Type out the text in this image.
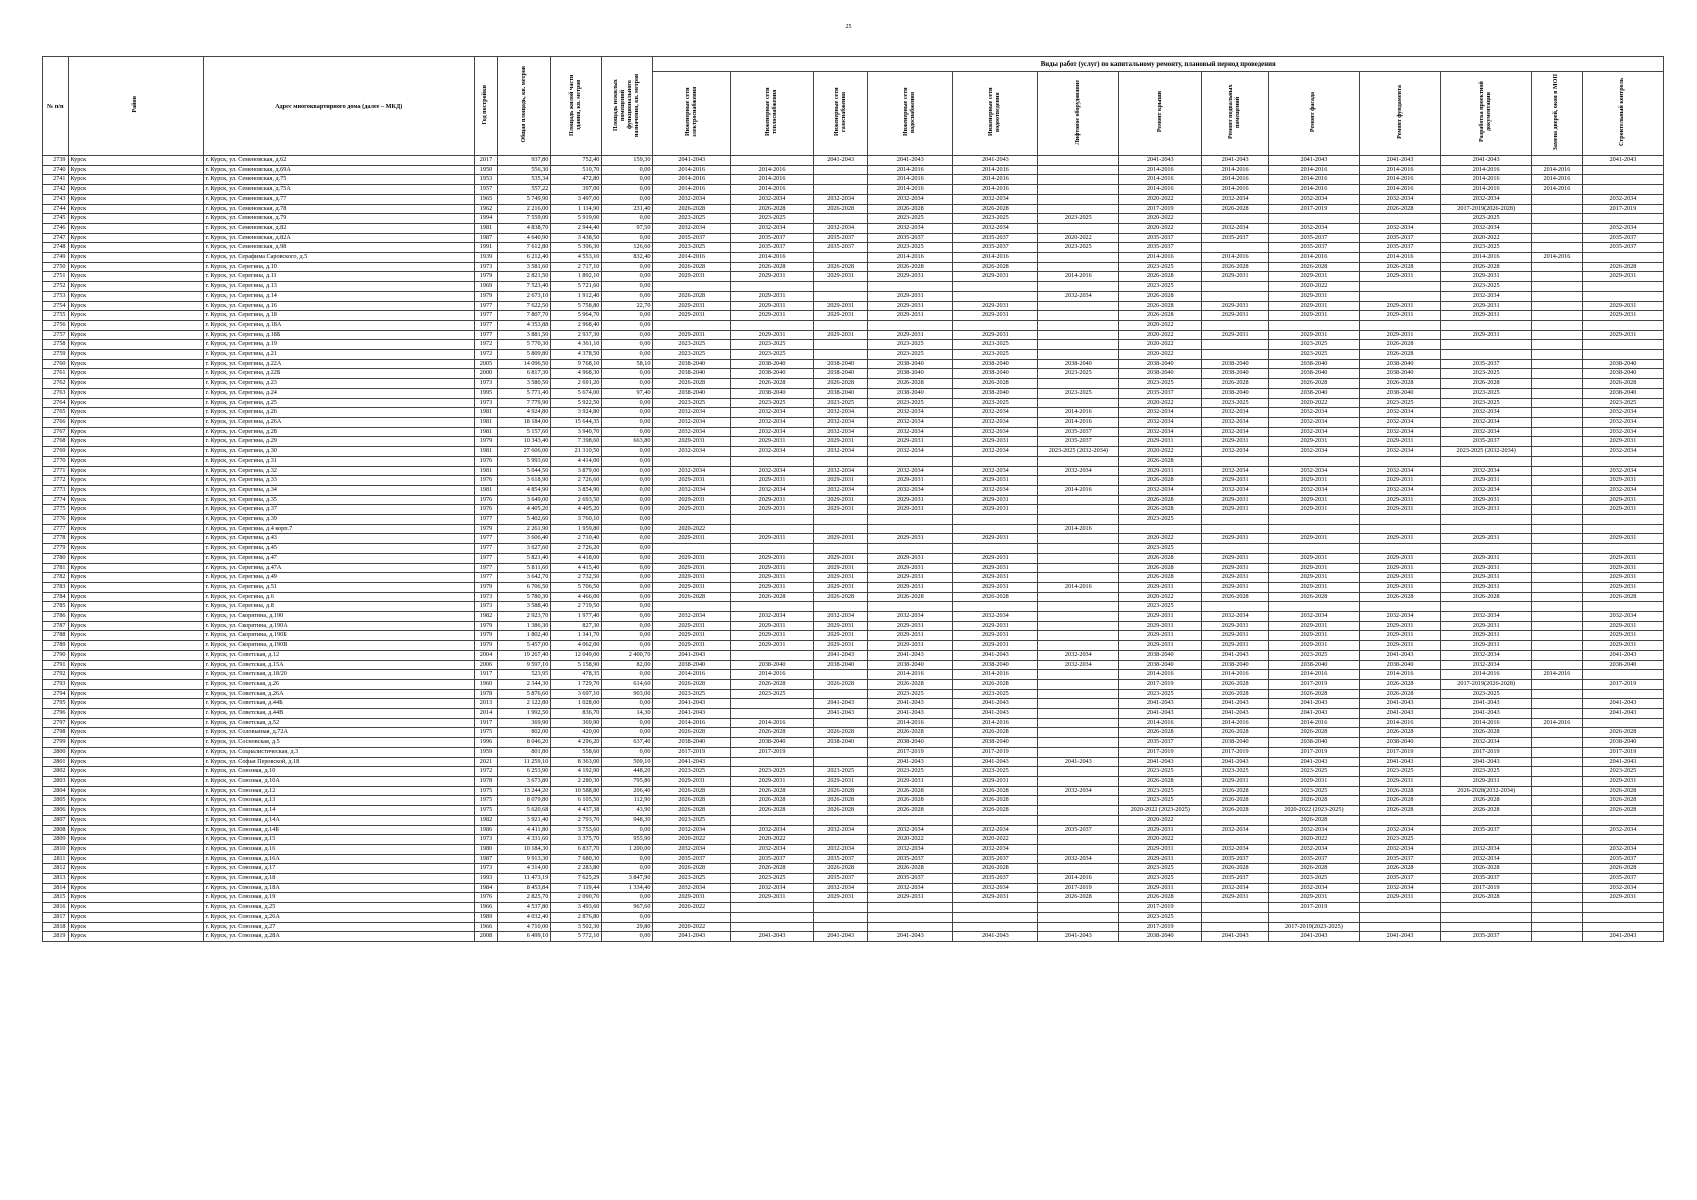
25
№ п/п	Район	Адрес многоквартирного дома (далее – МКД)	Год постройки	Общая площадь, кв. метров	Площадь жилой части здания, кв. метров	Площадь нежилых помещений функционального назначения, кв. метров	Виды работ (услуг) по капитальному ремонту, плановый период проведения												
							Инженерные сети электроснабжения	Инженерные сети теплоснабжения	Инженерные сети газоснабжения	Инженерные сети водоснабжения	Инженерные сети водоотведения	Лифтовое оборудование	Ремонт крыши	Ремонт подвальных помещений	Ремонт фасада	Ремонт фундамента	Разработка проектной документации	Замена дверей, окон в МОП	Строительный контроль
2739	Курск	г. Курск, ул. Семеновская, д.62	2017	937,80	752,40	159,30	2041-2043		2041-2043	2041-2043	2041-2043		2041-2043	2041-2043	2041-2043	2041-2043	2041-2043		2041-2043
2740	Курск	г. Курск, ул. Семеновская, д.69А	1950	556,30	510,70	0,00	2014-2016	2014-2016		2014-2016	2014-2016		2014-2016	2014-2016	2014-2016	2014-2016	2014-2016	2014-2016	
2741	Курск	г. Курск, ул. Семеновская, д.75	1953	535,34	472,80	0,00	2014-2016	2014-2016		2014-2016	2014-2016		2014-2016	2014-2016	2014-2016	2014-2016	2014-2016	2014-2016	
2742	Курск	г. Курск, ул. Семеновская, д.75А	1957	557,22	397,00	0,00	2014-2016	2014-2016		2014-2016	2014-2016		2014-2016	2014-2016	2014-2016	2014-2016	2014-2016	2014-2016	
2743	Курск	г. Курск, ул. Семеновская, д.77	1965	5 749,90	3 497,00	0,00	2032-2034	2032-2034	2032-2034	2032-2034	2032-2034		2020-2022	2032-2034	2032-2034	2032-2034	2032-2034		2032-2034
2744	Курск	г. Курск, ул. Семеновская, д.78	1962	2 216,00	1 114,90	231,40	2026-2028	2026-2028	2026-2028	2026-2028	2026-2028		2017-2019	2026-2028	2017-2019	2026-2028	2017-2019(2026-2028)		2017-2019
2745	Курск	г. Курск, ул. Семеновская, д.79	1994	7 559,00	5 919,00	0,00	2023-2025	2023-2025		2023-2025	2023-2025	2023-2025	2020-2022				2023-2025		
2746	Курск	г. Курск, ул. Семеновская, д.82	1981	4 838,70	2 944,40	97,50	2032-2034	2032-2034	2032-2034	2032-2034	2032-2034		2020-2022	2032-2034	2032-2034	2032-2034	2032-2034		2032-2034
2747	Курск	г. Курск, ул. Семеновская, д.82А	1987	4 640,90	3 438,50	0,00	2035-2037	2035-2037	2035-2037	2035-2037	2035-2037	2020-2022	2035-2037	2035-2037	2035-2037	2035-2037	2020-2022		2035-2037
2748	Курск	г. Курск, ул. Семеновская, д.98	1991	7 612,80	5 396,30	126,60	2023-2025	2035-2037	2035-2037	2023-2025	2035-2037	2023-2025	2035-2037		2035-2037	2035-2037	2023-2025		2035-2037
2749	Курск	г. Курск, ул. Серафима Саровского, д.5	1939	6 212,40	4 553,10	832,40	2014-2016	2014-2016		2014-2016	2014-2016		2014-2016	2014-2016	2014-2016	2014-2016	2014-2016	2014-2016	
2750	Курск	г. Курск, ул. Серегина, д.10	1973	3 581,60	2 717,10	0,00	2026-2028	2026-2028	2026-2028	2026-2028	2026-2028		2023-2025	2026-2028	2026-2028	2026-2028	2026-2028		2026-2028
2751	Курск	г. Курск, ул. Серегина, д.11	1979	2 821,50	1 892,10	0,00	2029-2031	2029-2031	2029-2031	2029-2031	2029-2031	2014-2016	2026-2028	2029-2031	2029-2031	2029-2031	2029-2031		2029-2031
2752	Курск	г. Курск, ул. Серегина, д.13	1969	7 523,40	5 721,60	0,00							2023-2025		2020-2022		2023-2025		
2753	Курск	г. Курск, ул. Серегина, д.14	1979	2 673,10	1 912,40	0,00	2026-2028	2029-2031		2029-2031		2032-2034	2026-2028		2029-2031		2032-2034		
2754	Курск	г. Курск, ул. Серегина, д.16	1977	7 622,50	5 758,80	22,70	2029-2031	2029-2031	2029-2031	2029-2031	2029-2031		2026-2028	2029-2031	2029-2031	2029-2031	2029-2031		2029-2031
2755	Курск	г. Курск, ул. Серегина, д.18	1977	7 807,70	5 964,70	0,00	2029-2031	2029-2031	2029-2031	2029-2031	2029-2031		2026-2028	2029-2031	2029-2031	2029-2031	2029-2031		2029-2031
2756	Курск	г. Курск, ул. Серегина, д.18А	1977	4 353,88	2 968,40	0,00							2020-2022						
2757	Курск	г. Курск, ул. Серегина, д.18Б	1977	3 881,50	2 937,30	0,00	2029-2031	2029-2031	2029-2031	2029-2031	2029-2031		2020-2022	2029-2031	2029-2031	2029-2031	2029-2031		2029-2031
2758	Курск	г. Курск, ул. Серегина, д.19	1972	5 770,30	4 361,10	0,00	2023-2025	2023-2025		2023-2025	2023-2025		2020-2022		2023-2025	2026-2028			
2759	Курск	г. Курск, ул. Серегина, д.21	1972	5 809,80	4 378,50	0,00	2023-2025	2023-2025		2023-2025	2023-2025		2020-2022		2023-2025	2026-2028			
2760	Курск	г. Курск, ул. Серегина, д.22А	2005	14 096,50	9 768,10	58,10	2038-2040	2038-2040	2038-2040	2038-2040	2038-2040	2038-2040	2038-2040	2038-2040	2038-2040	2038-2040	2035-2037		2038-2040
2761	Курск	г. Курск, ул. Серегина, д.22Б	2000	6 817,30	4 968,30	0,00	2038-2040	2038-2040	2038-2040	2038-2040	2038-2040	2023-2025	2038-2040	2038-2040	2038-2040	2038-2040	2023-2025		2038-2040
2762	Курск	г. Курск, ул. Серегина, д.23	1973	3 580,50	2 691,20	0,00	2026-2028	2026-2028	2026-2028	2026-2028	2026-2028		2023-2025	2026-2028	2026-2028	2026-2028	2026-2028		2026-2028
2763	Курск	г. Курск, ул. Серегина, д.24	1995	5 771,40	5 674,00	97,40	2038-2040	2038-2040	2038-2040	2038-2040	2038-2040	2023-2025	2035-2037	2038-2040	2038-2040	2038-2040	2023-2025		2038-2040
2764	Курск	г. Курск, ул. Серегина, д.25	1973	7 779,90	5 922,50	0,00	2023-2025	2023-2025	2023-2025	2023-2025	2023-2025		2020-2022	2023-2025	2020-2022	2023-2025	2023-2025		2023-2025
2765	Курск	г. Курск, ул. Серегина, д.26	1981	4 924,80	3 924,80	0,00	2032-2034	2032-2034	2032-2034	2032-2034	2032-2034	2014-2016	2032-2034	2032-2034	2032-2034	2032-2034	2032-2034		2032-2034
2766	Курск	г. Курск, ул. Серегина, д.26А	1981	18 184,00	15 644,35	0,00	2032-2034	2032-2034	2032-2034	2032-2034	2032-2034	2014-2016	2032-2034	2032-2034	2032-2034	2032-2034	2032-2034		2032-2034
2767	Курск	г. Курск, ул. Серегина, д.28	1981	5 157,60	3 940,70	0,00	2032-2034	2032-2034	2032-2034	2032-2034	2032-2034	2035-2037	2032-2034	2032-2034	2032-2034	2032-2034	2032-2034		2032-2034
2768	Курск	г. Курск, ул. Серегина, д.29	1979	10 343,40	7 398,60	663,80	2029-2031	2029-2031	2029-2031	2029-2031	2029-2031	2035-2037	2029-2031	2029-2031	2029-2031	2029-2031	2035-2037		2029-2031
2769	Курск	г. Курск, ул. Серегина, д.30	1981	27 606,00	21 310,50	0,00	2032-2034	2032-2034	2032-2034	2032-2034	2032-2034	2023-2025 (2032-2034)	2020-2022	2032-2034	2032-2034	2032-2034	2023-2025 (2032-2034)		2032-2034
2770	Курск	г. Курск, ул. Серегина, д.31	1976	5 993,60	4 414,00	0,00							2026-2028						
2771	Курск	г. Курск, ул. Серегина, д.32	1981	5 044,50	3 879,00	0,00	2032-2034	2032-2034	2032-2034	2032-2034	2032-2034	2032-2034	2029-2031	2032-2034	2032-2034	2032-2034	2032-2034		2032-2034
2772	Курск	г. Курск, ул. Серегина, д.33	1976	3 618,90	2 726,60	0,00	2029-2031	2029-2031	2029-2031	2029-2031	2029-2031		2026-2028	2029-2031	2029-2031	2029-2031	2029-2031		2029-2031
2773	Курск	г. Курск, ул. Серегина, д.34	1981	4 854,90	3 854,90	0,00	2032-2034	2032-2034	2032-2034	2032-2034	2032-2034	2014-2016	2032-2034	2032-2034	2032-2034	2032-2034	2032-2034		2032-2034
2774	Курск	г. Курск, ул. Серегина, д.35	1976	3 649,00	2 693,50	0,00	2029-2031	2029-2031	2029-2031	2029-2031	2029-2031		2026-2028	2029-2031	2029-2031	2029-2031	2029-2031		2029-2031
2775	Курск	г. Курск, ул. Серегина, д.37	1976	4 405,20	4 405,20	0,00	2029-2031	2029-2031	2029-2031	2029-2031	2029-2031		2026-2028	2029-2031	2029-2031	2029-2031	2029-2031		2029-2031
2776	Курск	г. Курск, ул. Серегина, д.39	1977	5 402,60	3 760,10	0,00							2023-2025						
2777	Курск	г. Курск, ул. Серегина, д.4 корп.7	1979	2 261,90	1 959,80	0,00	2020-2022					2014-2016							
2778	Курск	г. Курск, ул. Серегина, д.43	1977	3 606,40	2 710,40	0,00	2029-2031	2029-2031	2029-2031	2029-2031	2029-2031		2020-2022	2029-2031	2029-2031	2029-2031	2029-2031		2029-2031
2779	Курск	г. Курск, ул. Серегина, д.45	1977	3 627,60	2 726,20	0,00							2023-2025						
2780	Курск	г. Курск, ул. Серегина, д.47	1977	5 821,40	4 418,00	0,00	2029-2031	2029-2031	2029-2031	2029-2031	2029-2031		2026-2028	2029-2031	2029-2031	2029-2031	2029-2031		2029-2031
2781	Курск	г. Курск, ул. Серегина, д.47А	1977	5 811,60	4 415,40	0,00	2029-2031	2029-2031	2029-2031	2029-2031	2029-2031		2026-2028	2029-2031	2029-2031	2029-2031	2029-2031		2029-2031
2782	Курск	г. Курск, ул. Серегина, д.49	1977	3 642,70	2 732,50	0,00	2029-2031	2029-2031	2029-2031	2029-2031	2029-2031		2026-2028	2029-2031	2029-2031	2029-2031	2029-2031		2029-2031
2783	Курск	г. Курск, ул. Серегина, д.51	1979	6 706,50	5 706,50	0,00	2029-2031	2029-2031	2029-2031	2029-2031	2029-2031	2014-2016	2029-2031	2029-2031	2029-2031	2029-2031	2029-2031		2029-2031
2784	Курск	г. Курск, ул. Серегина, д.6	1973	5 780,30	4 466,00	0,00	2026-2028	2026-2028	2026-2028	2026-2028	2026-2028		2020-2022	2026-2028	2026-2028	2026-2028	2026-2028		2026-2028
2785	Курск	г. Курск, ул. Серегина, д.8	1973	3 588,40	2 719,50	0,00							2023-2025						
2786	Курск	г. Курск, ул. Скорятина, д.190	1982	2 923,70	1 977,40	0,00	2032-2034	2032-2034	2032-2034	2032-2034	2032-2034		2029-2031	2032-2034	2032-2034	2032-2034	2032-2034		2032-2034
2787	Курск	г. Курск, ул. Скорятина, д.190А	1979	1 386,30	827,30	0,00	2029-2031	2029-2031	2029-2031	2029-2031	2029-2031		2029-2031	2029-2031	2029-2031	2029-2031	2029-2031		2029-2031
2788	Курск	г. Курск, ул. Скорятина, д.190Б	1979	1 802,40	1 341,70	0,00	2029-2031	2029-2031	2029-2031	2029-2031	2029-2031		2029-2031	2029-2031	2029-2031	2029-2031	2029-2031		2029-2031
2789	Курск	г. Курск, ул. Скорятина, д.190В	1979	5 457,00	4 062,00	0,00	2029-2031	2029-2031	2029-2031	2029-2031	2029-2031		2029-2031	2029-2031	2029-2031	2029-2031	2029-2031		2029-2031
2790	Курск	г. Курск, ул. Советская, д.12	2004	19 267,40	12 049,00	2 400,70	2041-2043		2041-2043	2041-2043	2041-2043	2032-2034	2038-2040	2041-2043	2023-2025	2041-2043	2032-2034		2041-2043
2791	Курск	г. Курск, ул. Советская, д.15А	2006	9 597,10	5 158,90	82,00	2038-2040	2038-2040	2038-2040	2038-2040	2038-2040	2032-2034	2038-2040	2038-2040	2038-2040	2038-2040	2032-2034		2038-2040
2792	Курск	г. Курск, ул. Советская, д.18/20	1917	523,95	478,35	0,00	2014-2016	2014-2016		2014-2016	2014-2016		2014-2016	2014-2016	2014-2016	2014-2016	2014-2016	2014-2016	
2793	Курск	г. Курск, ул. Советская, д.26	1960	2 344,30	1 729,70	614,60	2026-2028	2026-2028	2026-2028	2026-2028	2026-2028		2017-2019	2026-2028	2017-2019	2026-2028	2017-2019(2026-2028)		2017-2019
2794	Курск	г. Курск, ул. Советская, д.26А	1978	5 876,60	3 697,10	903,00	2023-2025	2023-2025		2023-2025	2023-2025		2023-2025	2026-2028	2026-2028	2026-2028	2023-2025		
2795	Курск	г. Курск, ул. Советская, д.44Б	2013	2 122,80	1 028,00	0,00	2041-2043		2041-2043	2041-2043	2041-2043		2041-2043	2041-2043	2041-2043	2041-2043	2041-2043		2041-2043
2796	Курск	г. Курск, ул. Советская, д.44В	2014	1 992,50	836,70	14,30	2041-2043		2041-2043	2041-2043	2041-2043		2041-2043	2041-2043	2041-2043	2041-2043	2041-2043		2041-2043
2797	Курск	г. Курск, ул. Советская, д.52	1917	369,90	369,90	0,00	2014-2016	2014-2016		2014-2016	2014-2016		2014-2016	2014-2016	2014-2016	2014-2016	2014-2016	2014-2016	
2798	Курск	г. Курск, ул. Соловьиная, д.72А	1975	802,00	420,00	0,00	2026-2028	2026-2028	2026-2028	2026-2028	2026-2028		2026-2028	2026-2028	2026-2028	2026-2028	2026-2028		2026-2028
2799	Курск	г. Курск, ул. Сосновская, д.5	1996	8 046,20	4 296,20	637,40	2038-2040	2038-2040	2038-2040	2038-2040	2038-2040		2035-2037	2038-2040	2038-2040	2038-2040	2032-2034		2038-2040
2800	Курск	г. Курск, ул. Социалистическая, д.3	1959	801,80	558,60	0,00	2017-2019	2017-2019		2017-2019	2017-2019		2017-2019	2017-2019	2017-2019	2017-2019	2017-2019		2017-2019
2801	Курск	г. Курск, ул. Софьи Перовской, д.18	2021	11 259,10	8 363,00	509,10	2041-2043			2041-2043	2041-2043	2041-2043	2041-2043	2041-2043	2041-2043	2041-2043	2041-2043		2041-2043
2802	Курск	г. Курск, ул. Союзная, д.10	1972	6 253,90	4 192,90	448,20	2023-2025	2023-2025	2023-2025	2023-2025	2023-2025		2023-2025	2023-2025	2023-2025	2023-2025	2023-2025		2023-2025
2803	Курск	г. Курск, ул. Союзная, д.10А	1978	3 673,80	2 280,30	795,80	2029-2031	2029-2031	2029-2031	2029-2031	2029-2031		2026-2028	2029-2031	2029-2031	2029-2031	2029-2031		2029-2031
2804	Курск	г. Курск, ул. Союзная, д.12	1975	13 244,20	10 588,80	206,40	2026-2028	2026-2028	2026-2028	2026-2028	2026-2028	2032-2034	2023-2025	2026-2028	2023-2025	2026-2028	2026-2028(2032-2034)		2026-2028
2805	Курск	г. Курск, ул. Союзная, д.13	1975	8 079,80	6 105,50	112,90	2026-2028	2026-2028	2026-2028	2026-2028	2026-2028		2023-2025	2026-2028	2026-2028	2026-2028	2026-2028		2026-2028
2806	Курск	г. Курск, ул. Союзная, д.14	1975	5 620,68	4 437,38	43,90	2026-2028	2026-2028	2026-2028	2026-2028	2026-2028		2020-2022 (2023-2025)	2026-2028	2020-2022 (2023-2025)	2026-2028	2026-2028		2026-2028
2807	Курск	г. Курск, ул. Союзная, д.14А	1982	3 921,40	2 793,70	948,30	2023-2025						2020-2022		2026-2028				
2808	Курск	г. Курск, ул. Союзная, д.14Б	1986	4 411,80	3 753,60	0,00	2032-2034	2032-2034	2032-2034	2032-2034	2032-2034	2035-2037	2029-2031	2032-2034	2032-2034	2032-2034	2035-2037		2032-2034
2809	Курск	г. Курск, ул. Союзная, д.15	1973	4 331,60	3 375,70	955,90	2020-2022	2020-2022		2020-2022	2020-2022		2020-2022		2020-2022	2023-2025			
2810	Курск	г. Курск, ул. Союзная, д.16	1980	10 184,30	6 837,70	1 200,00	2032-2034	2032-2034	2032-2034	2032-2034	2032-2034		2029-2031	2032-2034	2032-2034	2032-2034	2032-2034		2032-2034
2811	Курск	г. Курск, ул. Союзная, д.16А	1987	9 913,30	7 680,30	0,00	2035-2037	2035-2037	2035-2037	2035-2037	2035-2037	2032-2034	2029-2031	2035-2037	2035-2037	2035-2037	2032-2034		2035-2037
2812	Курск	г. Курск, ул. Союзная, д.17	1973	4 314,00	2 283,80	0,00	2026-2028	2026-2028	2026-2028	2026-2028	2026-2028		2023-2025	2026-2028	2026-2028	2026-2028	2026-2028		2026-2028
2813	Курск	г. Курск, ул. Союзная, д.18	1993	11 473,19	7 625,29	3 847,90	2023-2025	2023-2025	2035-2037	2035-2037	2035-2037	2014-2016	2023-2025	2035-2037	2023-2025	2035-2037	2035-2037		2035-2037
2814	Курск	г. Курск, ул. Союзная, д.18А	1984	8 453,84	7 119,44	1 334,40	2032-2034	2032-2034	2032-2034	2032-2034	2032-2034	2017-2019	2029-2031	2032-2034	2032-2034	2032-2034	2017-2019		2032-2034
2815	Курск	г. Курск, ул. Союзная, д.19	1976	2 825,70	2 090,70	0,00	2029-2031	2029-2031	2029-2031	2029-2031	2029-2031	2026-2028	2026-2028	2029-2031	2029-2031	2029-2031	2026-2028		2029-2031
2816	Курск	г. Курск, ул. Союзная, д.25	1966	4 537,80	3 493,60	967,60	2020-2022						2017-2019		2017-2019				
2817	Курск	г. Курск, ул. Союзная, д.26А	1989	4 032,40	2 876,80	0,00							2023-2025						
2818	Курск	г. Курск, ул. Союзная, д.27	1966	4 710,00	3 502,30	29,80	2020-2022						2017-2019		2017-2019(2023-2025)				
2819	Курск	г. Курск, ул. Союзная, д.28А	2008	6 499,10	5 772,10	0,00	2041-2043	2041-2043	2041-2043	2041-2043	2041-2043	2041-2043	2038-2040	2041-2043	2041-2043	2041-2043	2035-2037		2041-2043
